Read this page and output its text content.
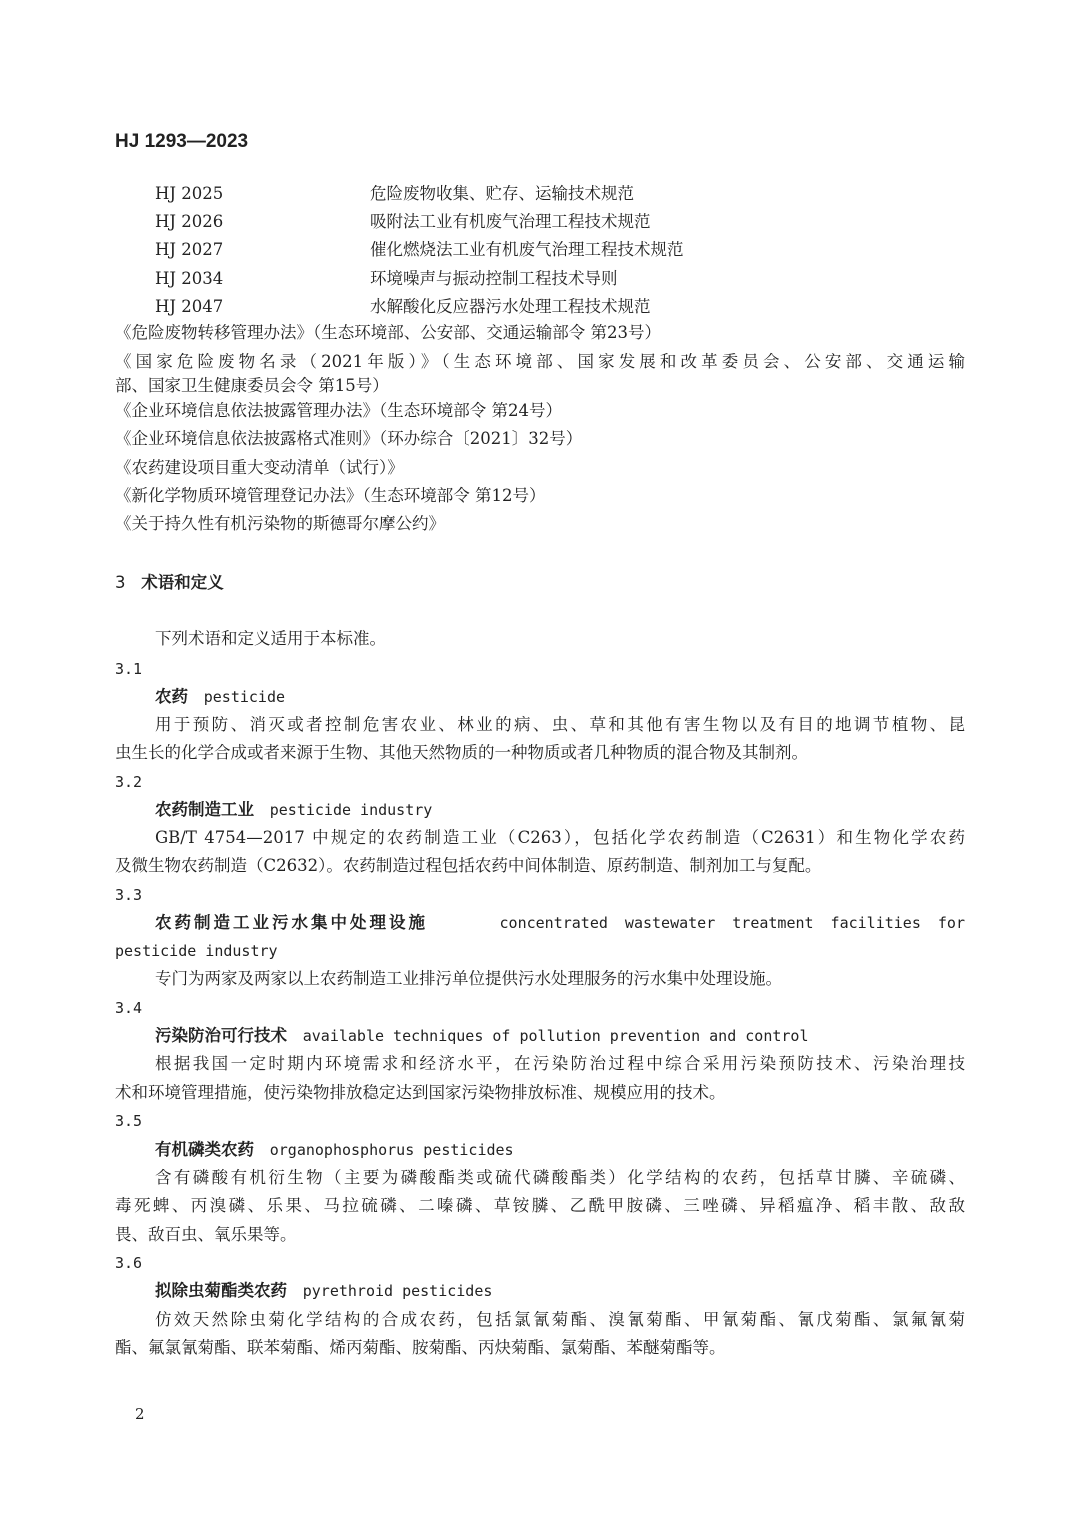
HJ 1293—2023
HJ 2025	危险废物收集、贮存、运输技术规范
HJ 2026	吸附法工业有机废气治理工程技术规范
HJ 2027	催化燃烧法工业有机废气治理工程技术规范
HJ 2034	环境噪声与振动控制工程技术导则
HJ 2047	水解酸化反应器污水处理工程技术规范
《危险废物转移管理办法》（生态环境部、公安部、交通运输部令 第23号）
《国家危险废物名录（2021年版）》（生态环境部、国家发展和改革委员会、公安部、交通运输
部、国家卫生健康委员会令 第15号）
《企业环境信息依法披露管理办法》（生态环境部令 第24号）
《企业环境信息依法披露格式准则》（环办综合〔2021〕32号）
《农药建设项目重大变动清单（试行）》
《新化学物质环境管理登记办法》（生态环境部令 第12号）
《关于持久性有机污染物的斯德哥尔摩公约》
3 术语和定义
下列术语和定义适用于本标准。
3.1
农药 pesticide
用于预防、消灭或者控制危害农业、林业的病、虫、草和其他有害生物以及有目的地调节植物、昆
虫生长的化学合成或者来源于生物、其他天然物质的一种物质或者几种物质的混合物及其制剂。
3.2
农药制造工业 pesticide industry
GB/T 4754—2017 中规定的农药制造工业（C263），包括化学农药制造（C2631）和生物化学农药
及微生物农药制造（C2632）。农药制造过程包括农药中间体制造、原药制造、制剂加工与复配。
3.3
农药制造工业污水集中处理设施	concentrated wastewater treatment facilities for
pesticide industry
专门为两家及两家以上农药制造工业排污单位提供污水处理服务的污水集中处理设施。
3.4
污染防治可行技术 available techniques of pollution prevention and control
根据我国一定时期内环境需求和经济水平，在污染防治过程中综合采用污染预防技术、污染治理技
术和环境管理措施，使污染物排放稳定达到国家污染物排放标准、规模应用的技术。
3.5
有机磷类农药 organophosphorus pesticides
含有磷酸有机衍生物（主要为磷酸酯类或硫代磷酸酯类）化学结构的农药，包括草甘膦、辛硫磷、
毒死蜱、丙溴磷、乐果、马拉硫磷、二嗪磷、草铵膦、乙酰甲胺磷、三唑磷、异稻瘟净、稻丰散、敌敌
畏、敌百虫、氧乐果等。
3.6
拟除虫菊酯类农药 pyrethroid pesticides
仿效天然除虫菊化学结构的合成农药，包括氯氰菊酯、溴氰菊酯、甲氰菊酯、氰戊菊酯、氯氟氰菊
酯、氟氯氰菊酯、联苯菊酯、烯丙菊酯、胺菊酯、丙炔菊酯、氯菊酯、苯醚菊酯等。
2
